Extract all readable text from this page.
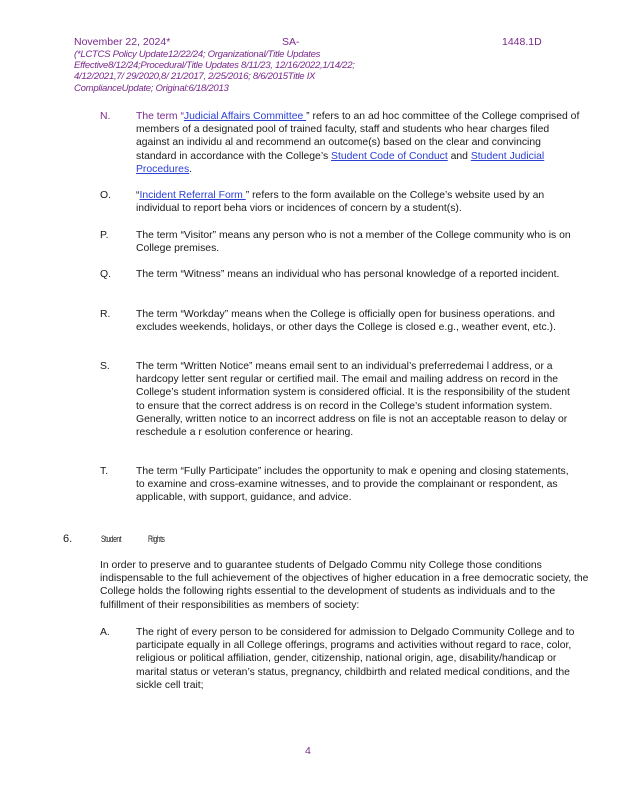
November 22, 2024*	SA-	1448.1D
(*LCTCS Policy Update12/22/24; Organizational/Title Updates Effective8/12/24;Procedural/Title Updates 8/11/23, 12/16/2022,1/14/22; 4/12/2021,7/ 29/2020,8/ 21/2017, 2/25/2016; 8/6/2015Title IX ComplianceUpdate; Original:6/18/2013
N. The term “Judicial Affairs Committee ” refers to an ad hoc committee of the College comprised of members of a designated pool of trained faculty, staff and students who hear charges filed against an individu al and recommend an outcome(s) based on the clear and convincing standard in accordance with the College’s Student Code of Conduct and Student Judicial Procedures.
O. “Incident Referral Form ” refers to the form available on the College’s website used by an individual to report beha viors or incidences of concern by a student(s).
P.	The term “Visitor” means any person who is not a member of the College community who is on College premises.
Q. The term “Witness” means an individual who has personal knowledge of a reported incident.
R. The term “Workday” means when the College is officially open for business operations. and excludes weekends, holidays, or other days the College is closed e.g., weather event, etc.).
S.	The term “Written Notice” means email sent to an individual’s preferredemai l address, or a hardcopy letter sent regular or certified mail. The email and mailing address on record in the College’s student information system is considered official. It is the responsibility of the student to ensure that the correct address is on record in the College’s student information system. Generally, written notice to an incorrect address on file is not an acceptable reason to delay or reschedule a r esolution conference or hearing.
T.	The term “Fully Participate” includes the opportunity to mak e opening and closing statements, to examine and cross-examine witnesses, and to provide the complainant or respondent, as applicable, with support, guidance, and advice.
6.	Student	Rights
In order to preserve and to guarantee students of Delgado Commu nity College those conditions indispensable to the full achievement of the objectives of higher education in a free democratic society, the College holds the following rights essential to the development of students as individuals and to the fulfillment of their responsibilities as members of society:
A.	The right of every person to be considered for admission to Delgado Community College and to participate equally in all College offerings, programs and activities without regard to race, color, religious or political affiliation, gender, citizenship, national origin, age, disability/handicap or marital status or veteran’s status, pregnancy, childbirth and related medical conditions, and the sickle cell trait;
4
